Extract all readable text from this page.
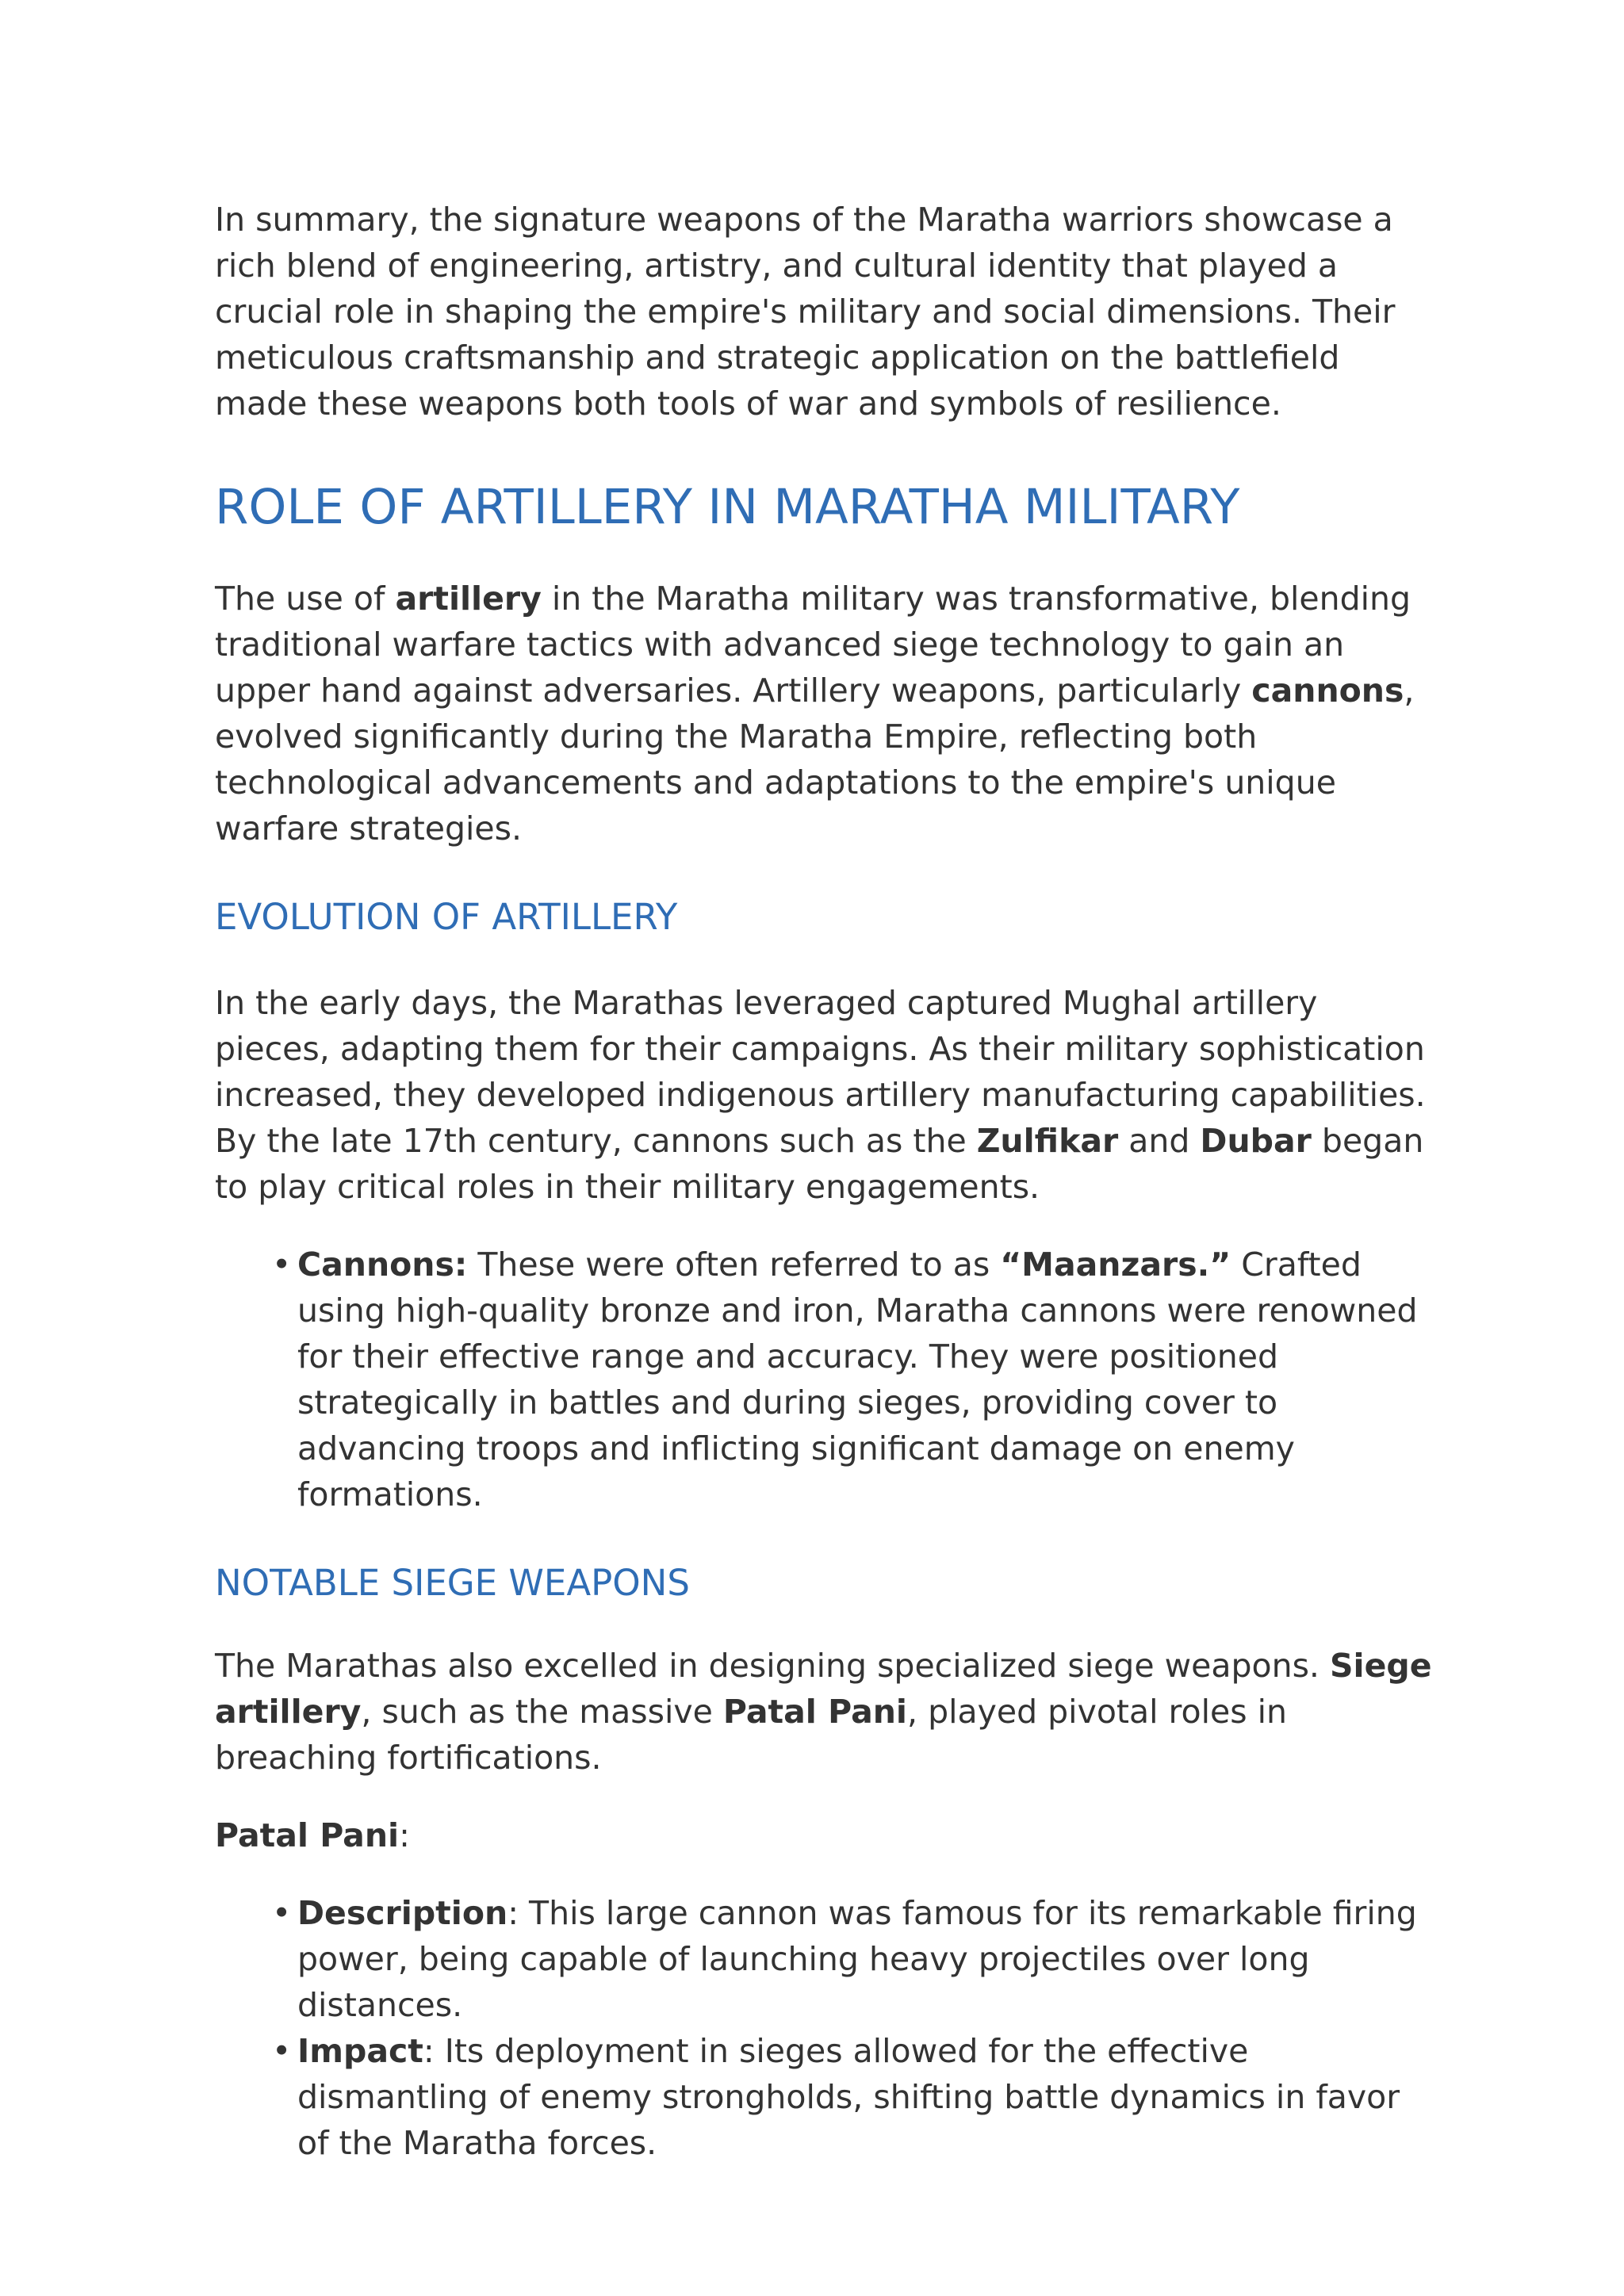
In summary, the signature weapons of the Maratha warriors showcase a rich blend of engineering, artistry, and cultural identity that played a crucial role in shaping the empire's military and social dimensions. Their meticulous craftsmanship and strategic application on the battlefield made these weapons both tools of war and symbols of resilience.

ROLE OF ARTILLERY IN MARATHA MILITARY

The use of artillery in the Maratha military was transformative, blending traditional warfare tactics with advanced siege technology to gain an upper hand against adversaries. Artillery weapons, particularly cannons, evolved significantly during the Maratha Empire, reflecting both technological advancements and adaptations to the empire's unique warfare strategies.

EVOLUTION OF ARTILLERY

In the early days, the Marathas leveraged captured Mughal artillery pieces, adapting them for their campaigns. As their military sophistication increased, they developed indigenous artillery manufacturing capabilities. By the late 17th century, cannons such as the Zulfikar and Dubar began to play critical roles in their military engagements.

• Cannons: These were often referred to as “Maanzars.” Crafted using high-quality bronze and iron, Maratha cannons were renowned for their effective range and accuracy. They were positioned strategically in battles and during sieges, providing cover to advancing troops and inflicting significant damage on enemy formations.
NOTABLE SIEGE WEAPONS

The Marathas also excelled in designing specialized siege weapons. Siege artillery, such as the massive Patal Pani, played pivotal roles in breaching fortifications.

Patal Pani:

• Description: This large cannon was famous for its remarkable firing power, being capable of launching heavy projectiles over long distances.
• Impact: Its deployment in sieges allowed for the effective dismantling of enemy strongholds, shifting battle dynamics in favor of the Maratha forces.
